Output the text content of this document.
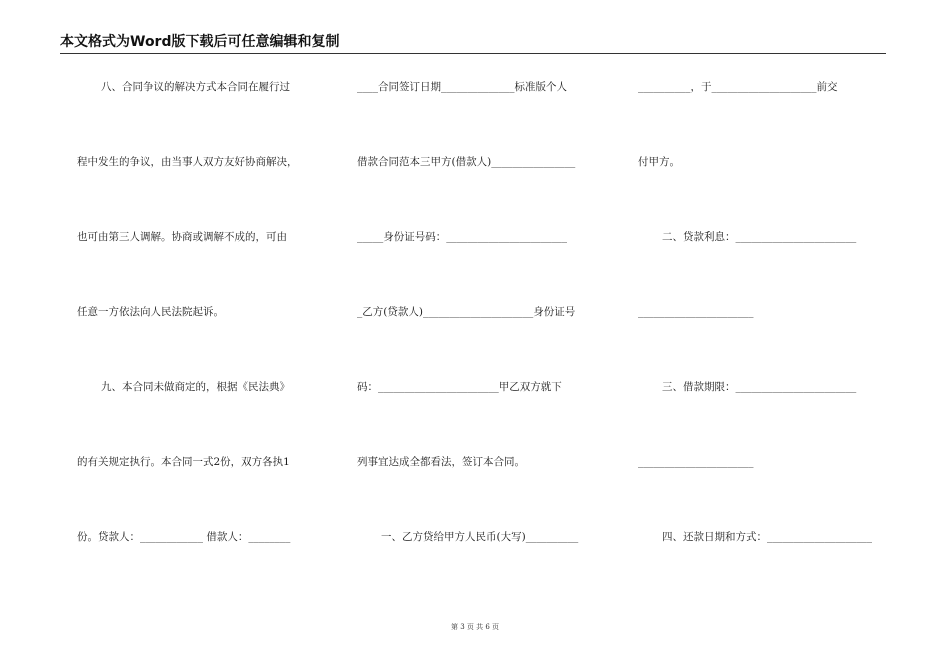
本文格式为Word版下载后可任意编辑和复制
八、合同争议的解决方式本合同在履行过
程中发生的争议，由当事人双方友好协商解决，
也可由第三人调解。协商或调解不成的，可由
任意一方依法向人民法院起诉。
九、本合同未做商定的，根据《民法典》
的有关规定执行。本合同一式2份，双方各执1
份。贷款人：____________ 借款人：________
____合同签订日期______________标准版个人
借款合同范本三甲方(借款人)________________
_____身份证号码：_______________________
_乙方(贷款人)_____________________身份证号
码：_______________________甲乙双方就下
列事宜达成全都看法，签订本合同。
一、乙方贷给甲方人民币(大写)__________
__________，于____________________前交
付甲方。
二、贷款利息：_______________________
______________________
三、借款期限：_______________________
______________________
四、还款日期和方式：____________________
第 3 页 共 6 页
